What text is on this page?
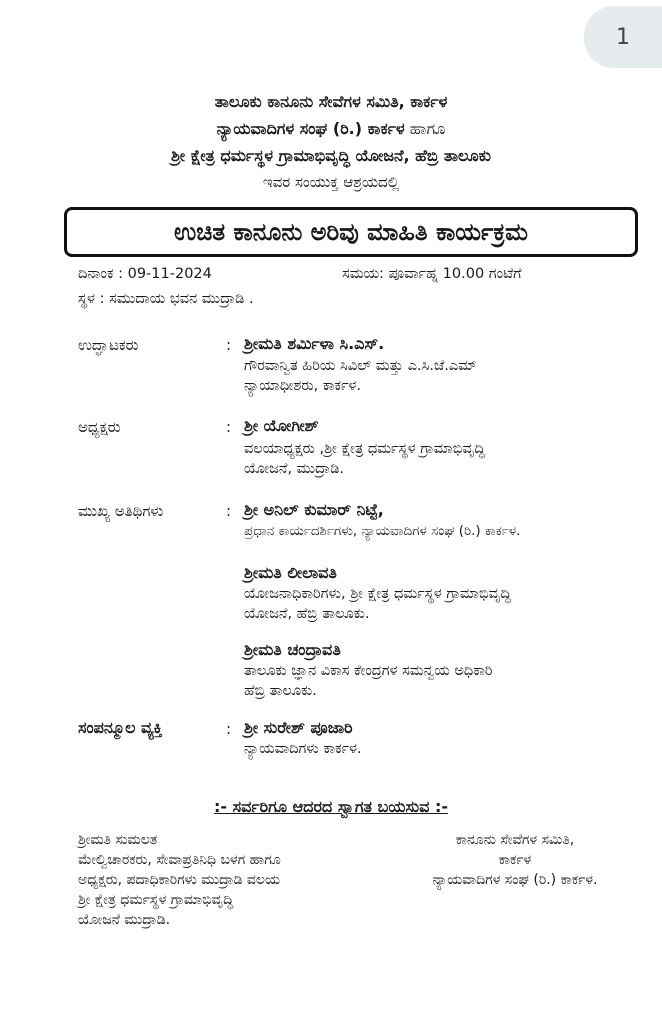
1
ತಾಲೂಕು ಕಾನೂನು ಸೇವೆಗಳ ಸಮಿತಿ, ಕಾರ್ಕಳ
ನ್ಯಾಯವಾದಿಗಳ ಸಂಘ (ರಿ.) ಕಾರ್ಕಳ ಹಾಗೂ
ಶ್ರೀ ಕ್ಷೇತ್ರ ಧರ್ಮಸ್ಥಳ ಗ್ರಾಮಾಭಿವೃದ್ಧಿ ಯೋಜನೆ, ಹೆಬ್ರಿ ತಾಲೂಕು
ಇವರ ಸಂಯುಕ್ತ ಆಶ್ರಯದಲ್ಲಿ
ಉಚಿತ ಕಾನೂನು ಅರಿವು ಮಾಹಿತಿ ಕಾರ್ಯಕ್ರಮ
ದಿನಾಂಕ : 09-11-2024	ಸಮಯ: ಪೂರ್ವಾಹ್ನ 10.00 ಗಂಟೆಗೆ
ಸ್ಥಳ : ಸಮುದಾಯ ಭವನ ಮುದ್ರಾಡಿ .
ಉದ್ಘಾಟಕರು	: ಶ್ರೀಮತಿ ಶರ್ಮಿಳಾ ಸಿ.ಎಸ್.
ಗೌರವಾನ್ವಿತ ಹಿರಿಯ ಸಿವಿಲ್ ಮತ್ತು ಎ.ಸಿ.ಜೆ.ಎಮ್
ನ್ಯಾಯಾಧೀಶರು, ಕಾರ್ಕಳ.
ಅಧ್ಯಕ್ಷರು	: ಶ್ರೀ ಯೋಗೀಶ್
ವಲಯಾಧ್ಯಕ್ಷರು ,ಶ್ರೀ ಕ್ಷೇತ್ರ ಧರ್ಮಸ್ಥಳ ಗ್ರಾಮಾಭಿವೃದ್ಧಿ
ಯೋಜನೆ, ಮುದ್ರಾಡಿ.
ಮುಖ್ಯ ಅತಿಥಿಗಳು	: ಶ್ರೀ ಅನಿಲ್ ಕುಮಾರ್ ನಿಟ್ಟೆ,
ಪ್ರಧಾನ ಕಾರ್ಯದರ್ಶಿಗಳು, ನ್ಯಾಯವಾದಿಗಳ ಸಂಘ (ರಿ.) ಕಾರ್ಕಳ.
ಶ್ರೀಮತಿ ಲೀಲಾವತಿ
ಯೋಜನಾಧಿಕಾರಿಗಳು, ಶ್ರೀ ಕ್ಷೇತ್ರ ಧರ್ಮಸ್ಥಳ ಗ್ರಾಮಾಭಿವೃದ್ಧಿ
ಯೋಜನೆ, ಹೆಬ್ರಿ ತಾಲೂಕು.
ಶ್ರೀಮತಿ ಚಂದ್ರಾವತಿ
ತಾಲೂಕು ಜ್ಞಾನ ವಿಕಾಸ ಕೇಂದ್ರಗಳ ಸಮನ್ವಯ ಅಧಿಕಾರಿ
ಹೆಬ್ರಿ ತಾಲೂಕು.
ಸಂಪನ್ಮೂಲ ವ್ಯಕ್ತಿ	: ಶ್ರೀ ಸುರೇಶ್ ಪೂಜಾರಿ
ನ್ಯಾಯವಾದಿಗಳು ಕಾರ್ಕಳ.
:- ಸರ್ವರಿಗೂ ಆದರದ ಸ್ವಾಗತ ಬಯಸುವ :-
ಶ್ರೀಮತಿ ಸುಮಲತ
ಮೇಲ್ವಿಚಾರಕರು, ಸೇವಾಪ್ರತಿನಿಧಿ ಬಳಗ ಹಾಗೂ
ಅಧ್ಯಕ್ಷರು, ಪದಾಧಿಕಾರಿಗಳು ಮುದ್ರಾಡಿ ವಲಯ
ಶ್ರೀ ಕ್ಷೇತ್ರ ಧರ್ಮಸ್ಥಳ ಗ್ರಾಮಾಭಿವೃದ್ಧಿ
ಯೋಜನೆ ಮುದ್ರಾಡಿ.
ಕಾನೂನು ಸೇವೆಗಳ ಸಮಿತಿ,
ಕಾರ್ಕಳ
ನ್ಯಾಯವಾದಿಗಳ ಸಂಘ (ರಿ.) ಕಾರ್ಕಳ.
